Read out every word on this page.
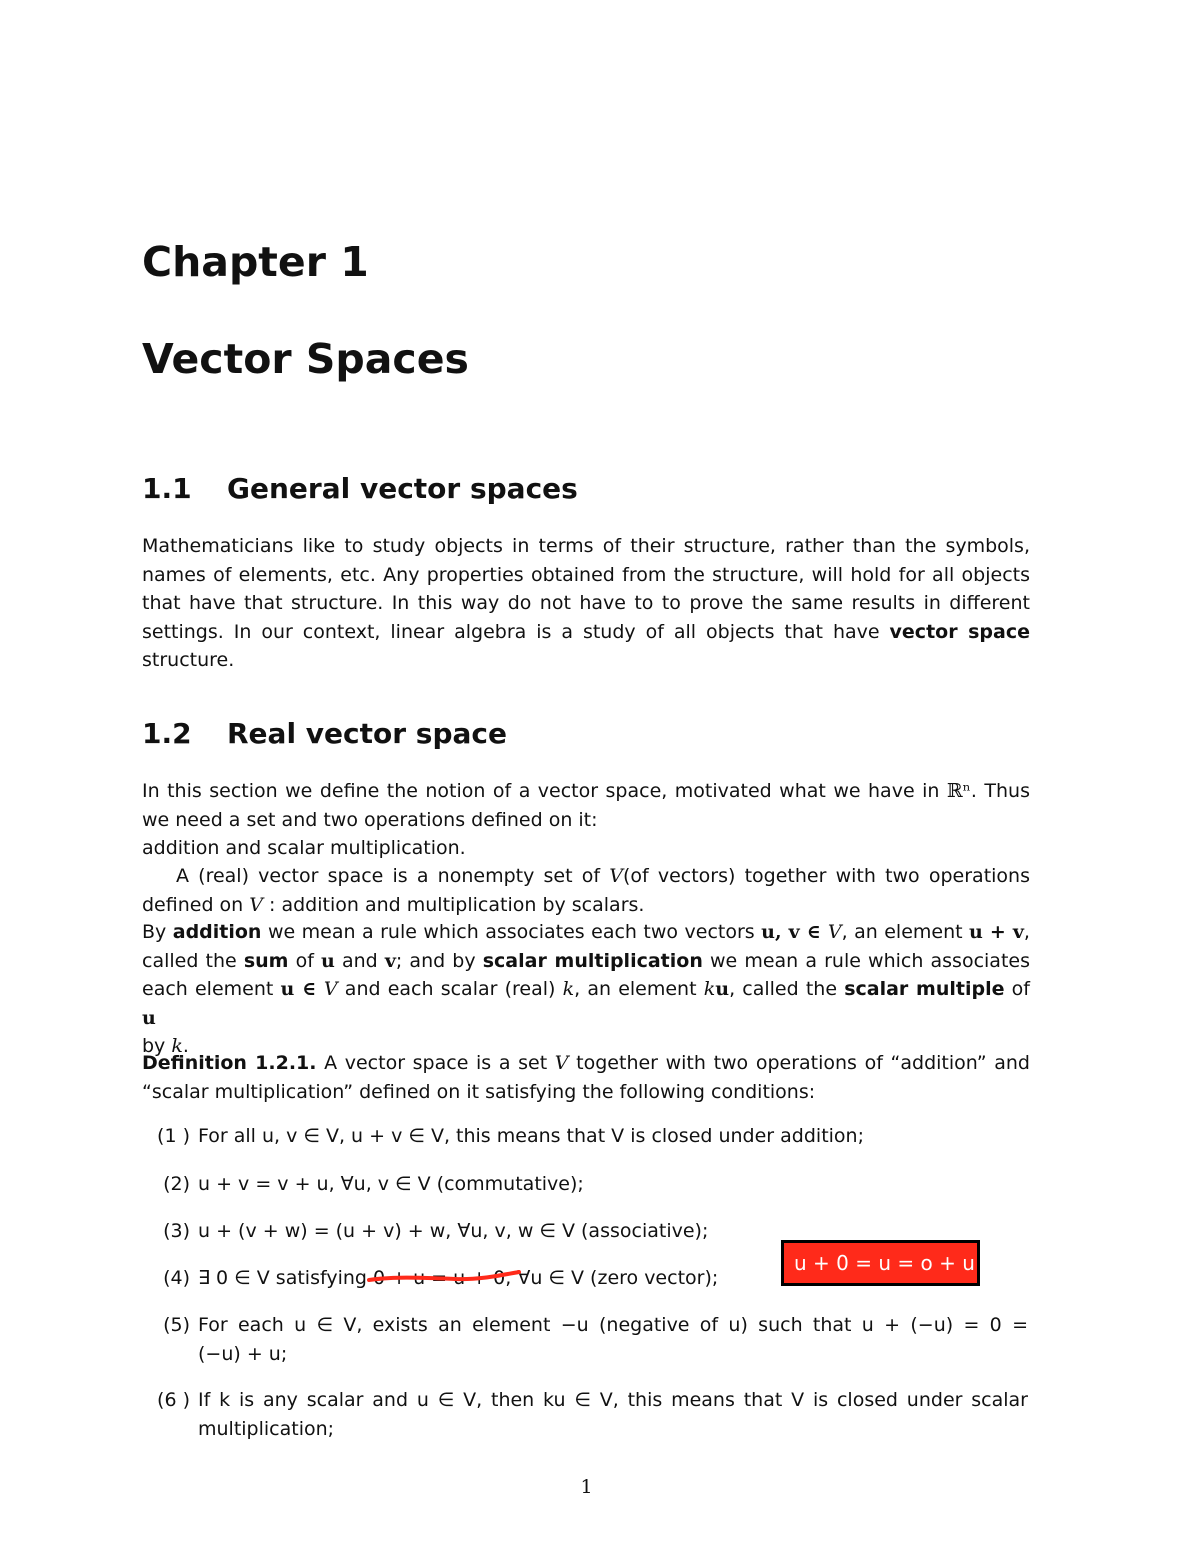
Chapter 1
Vector Spaces
1.1 General vector spaces
Mathematicians like to study objects in terms of their structure, rather than the symbols,
names of elements, etc. Any properties obtained from the structure, will hold for all objects
that have that structure. In this way do not have to to prove the same results in different
settings. In our context, linear algebra is a study of all objects that have vector space
structure.
1.2 Real vector space
In this section we define the notion of a vector space, motivated what we have in ℝⁿ. Thus
we need a set and two operations defined on it:
addition and scalar multiplication.
A (real) vector space is a nonempty set of V(of vectors) together with two operations
defined on V : addition and multiplication by scalars.
By addition we mean a rule which associates each two vectors u, v ∈ V, an element u + v,
called the sum of u and v; and by scalar multiplication we mean a rule which associates
each element u ∈ V and each scalar (real) k, an element ku, called the scalar multiple of u
by k.
Definition 1.2.1. A vector space is a set V together with two operations of “addition” and
“scalar multiplication” defined on it satisfying the following conditions:
(1 ) For all u, v ∈ V, u + v ∈ V, this means that V is closed under addition;
(2) u + v = v + u, ∀u, v ∈ V (commutative);
(3) u + (v + w) = (u + v) + w, ∀u, v, w ∈ V (associative);
(4) ∃ 0 ∈ V satisfying 0 + u = u + 0,
∀u ∈ V (zero vector);
(5) For each u ∈ V, exists an element −u (negative of u) such that u + (−u) = 0 =
(−u) + u;
(6 ) If k is any scalar and u ∈ V, then ku ∈ V, this means that V is closed under scalar
multiplication;
u + 0 = u = o + u
1
